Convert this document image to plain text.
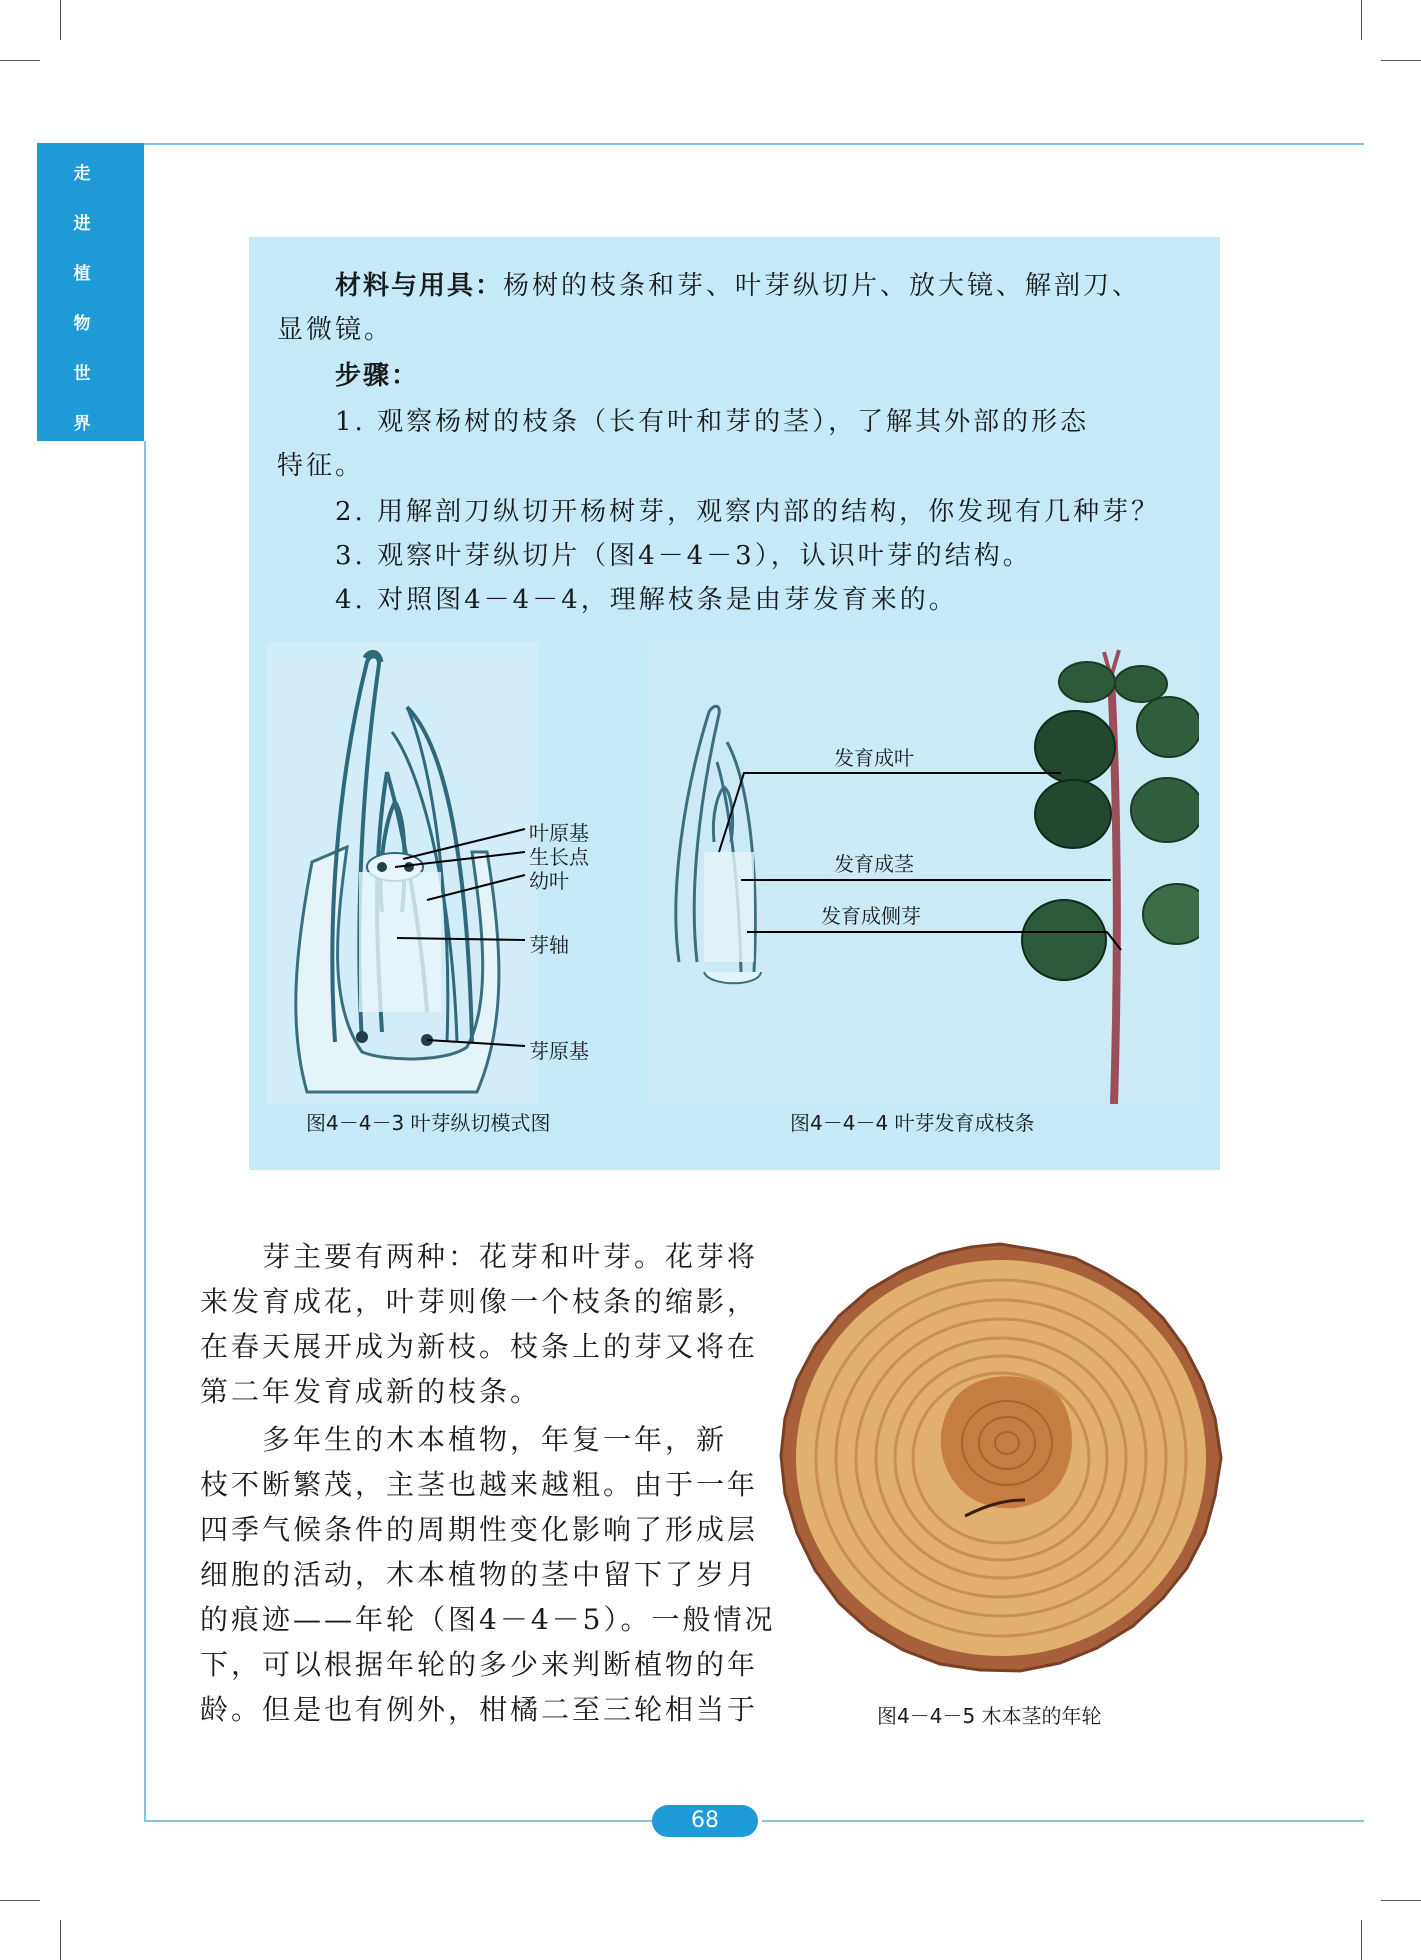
走
进
植
物
世
界
材料与用具：杨树的枝条和芽、叶芽纵切片、放大镜、解剖刀、
显微镜。
步骤：
1. 观察杨树的枝条（长有叶和芽的茎），了解其外部的形态
特征。
2. 用解剖刀纵切开杨树芽，观察内部的结构，你发现有几种芽？
3. 观察叶芽纵切片（图4－4－3），认识叶芽的结构。
4. 对照图4－4－4，理解枝条是由芽发育来的。
叶原基
生长点
幼叶
芽轴
芽原基
图4－4－3 叶芽纵切模式图
发育成叶
发育成茎
发育成侧芽
图4－4－4 叶芽发育成枝条
芽主要有两种：花芽和叶芽。花芽将
来发育成花，叶芽则像一个枝条的缩影，
在春天展开成为新枝。枝条上的芽又将在
第二年发育成新的枝条。
多年生的木本植物，年复一年，新
枝不断繁茂，主茎也越来越粗。由于一年
四季气候条件的周期性变化影响了形成层
细胞的活动，木本植物的茎中留下了岁月
的痕迹——年轮（图4－4－5）。一般情况
下，可以根据年轮的多少来判断植物的年
龄。但是也有例外，柑橘二至三轮相当于	图4－4－5 木本茎的年轮
68
